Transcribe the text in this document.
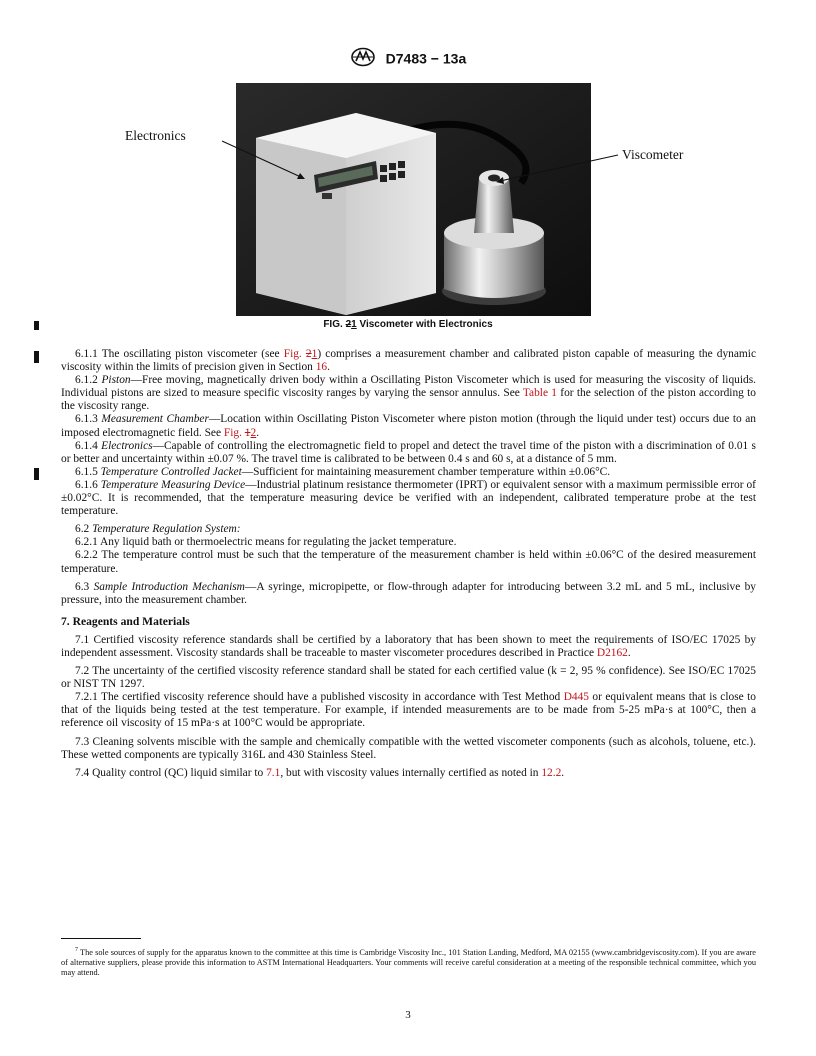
D7483 − 13a
Electronics
Viscometer
FIG. 21 Viscometer with Electronics

6.1.1 The oscillating piston viscometer (see Fig. 21) comprises a measurement chamber and calibrated piston capable of measuring the dynamic viscosity within the limits of precision given in Section 16.

6.1.2 Piston—Free moving, magnetically driven body within a Oscillating Piston Viscometer which is used for measuring the viscosity of liquids. Individual pistons are sized to measure specific viscosity ranges by varying the sensor annulus. See Table 1 for the selection of the piston according to the viscosity range.

6.1.3 Measurement Chamber—Location within Oscillating Piston Viscometer where piston motion (through the liquid under test) occurs due to an imposed electromagnetic field. See Fig. 12.

6.1.4 Electronics—Capable of controlling the electromagnetic field to propel and detect the travel time of the piston with a discrimination of 0.01 s or better and uncertainty within ±0.07 %. The travel time is calibrated to be between 0.4 s and 60 s, at a distance of 5 mm.

6.1.5 Temperature Controlled Jacket—Sufficient for maintaining measurement chamber temperature within ±0.06°C.

6.1.6 Temperature Measuring Device—Industrial platinum resistance thermometer (IPRT) or equivalent sensor with a maximum permissible error of ±0.02°C. It is recommended, that the temperature measuring device be verified with an independent, calibrated temperature probe at the test temperature.

6.2 Temperature Regulation System:

6.2.1 Any liquid bath or thermoelectric means for regulating the jacket temperature.

6.2.2 The temperature control must be such that the temperature of the measurement chamber is held within ±0.06°C of the desired measurement temperature.

6.3 Sample Introduction Mechanism—A syringe, micropipette, or flow-through adapter for introducing between 3.2 mL and 5 mL, inclusive by pressure, into the measurement chamber.

7. Reagents and Materials

7.1 Certified viscosity reference standards shall be certified by a laboratory that has been shown to meet the requirements of ISO/EC 17025 by independent assessment. Viscosity standards shall be traceable to master viscometer procedures described in Practice D2162.

7.2 The uncertainty of the certified viscosity reference standard shall be stated for each certified value (k = 2, 95 % confidence). See ISO/EC 17025 or NIST TN 1297.

7.2.1 The certified viscosity reference should have a published viscosity in accordance with Test Method D445 or equivalent means that is close to that of the liquids being tested at the test temperature. For example, if intended measurements are to be made from 5-25 mPa·s at 100°C, then a reference oil viscosity of 15 mPa·s at 100°C would be appropriate.

7.3 Cleaning solvents miscible with the sample and chemically compatible with the wetted viscometer components (such as alcohols, toluene, etc.). These wetted components are typically 316L and 430 Stainless Steel.

7.4 Quality control (QC) liquid similar to 7.1, but with viscosity values internally certified as noted in 12.2.

$^7$ The sole sources of supply for the apparatus known to the committee at this time is Cambridge Viscosity Inc., 101 Station Landing, Medford, MA 02155 (www.cambridgeviscosity.com). If you are aware of alternative suppliers, please provide this information to ASTM International Headquarters. Your comments will receive careful consideration at a meeting of the responsible technical committee, which you may attend.

3
